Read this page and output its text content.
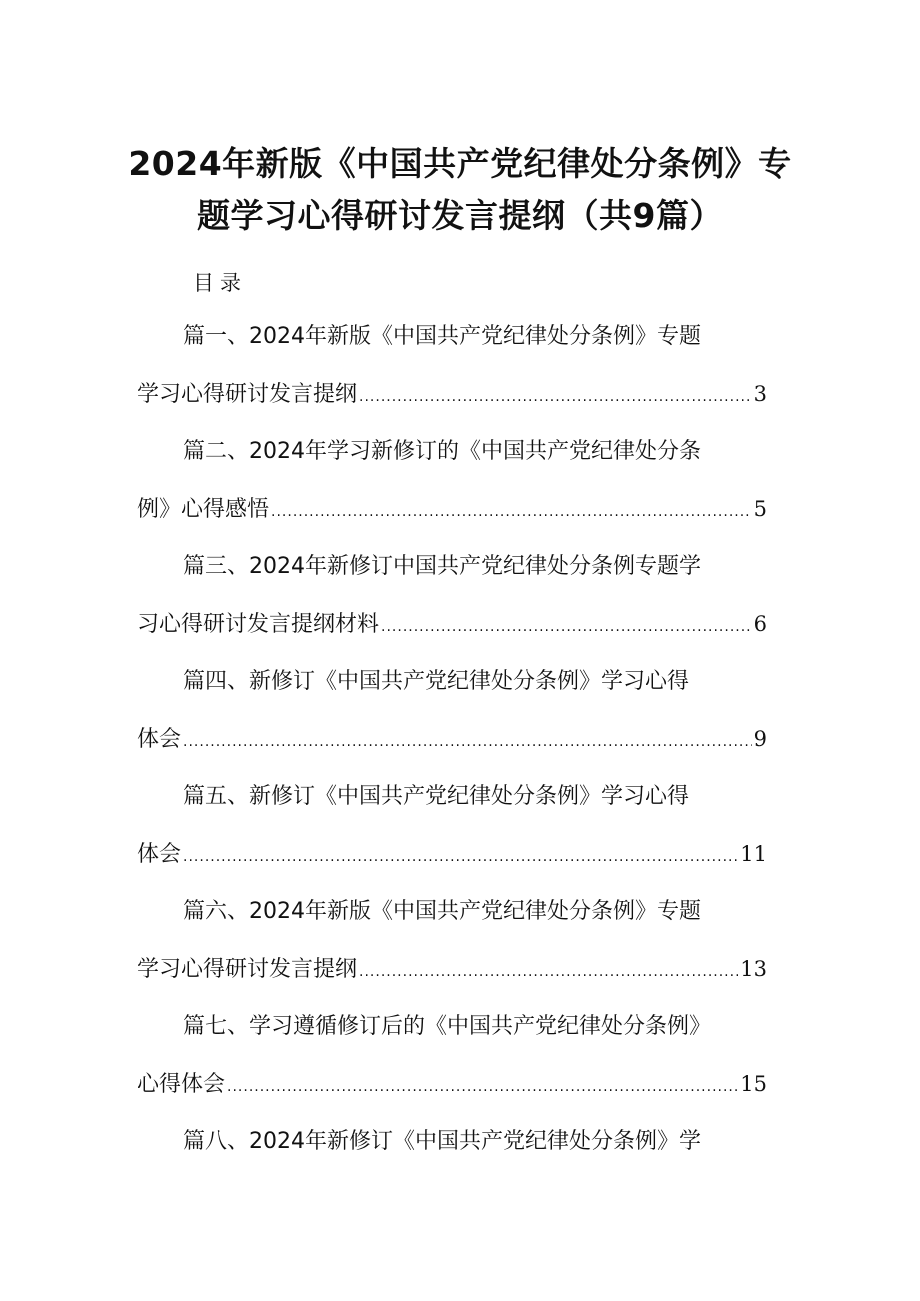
2024年新版《中国共产党纪律处分条例》专
题学习心得研讨发言提纲（共9篇）
目录
篇一、2024年新版《中国共产党纪律处分条例》专题
学习心得研讨发言提纲 .....	3
篇二、2024年学习新修订的《中国共产党纪律处分条
例》心得感悟 .....	5
篇三、2024年新修订中国共产党纪律处分条例专题学
习心得研讨发言提纲材料 .....	6
篇四、新修订《中国共产党纪律处分条例》学习心得
体会 .....	9
篇五、新修订《中国共产党纪律处分条例》学习心得
体会 .....	11
篇六、2024年新版《中国共产党纪律处分条例》专题
学习心得研讨发言提纲 .....	13
篇七、学习遵循修订后的《中国共产党纪律处分条例》
心得体会 .....	15
篇八、2024年新修订《中国共产党纪律处分条例》学
